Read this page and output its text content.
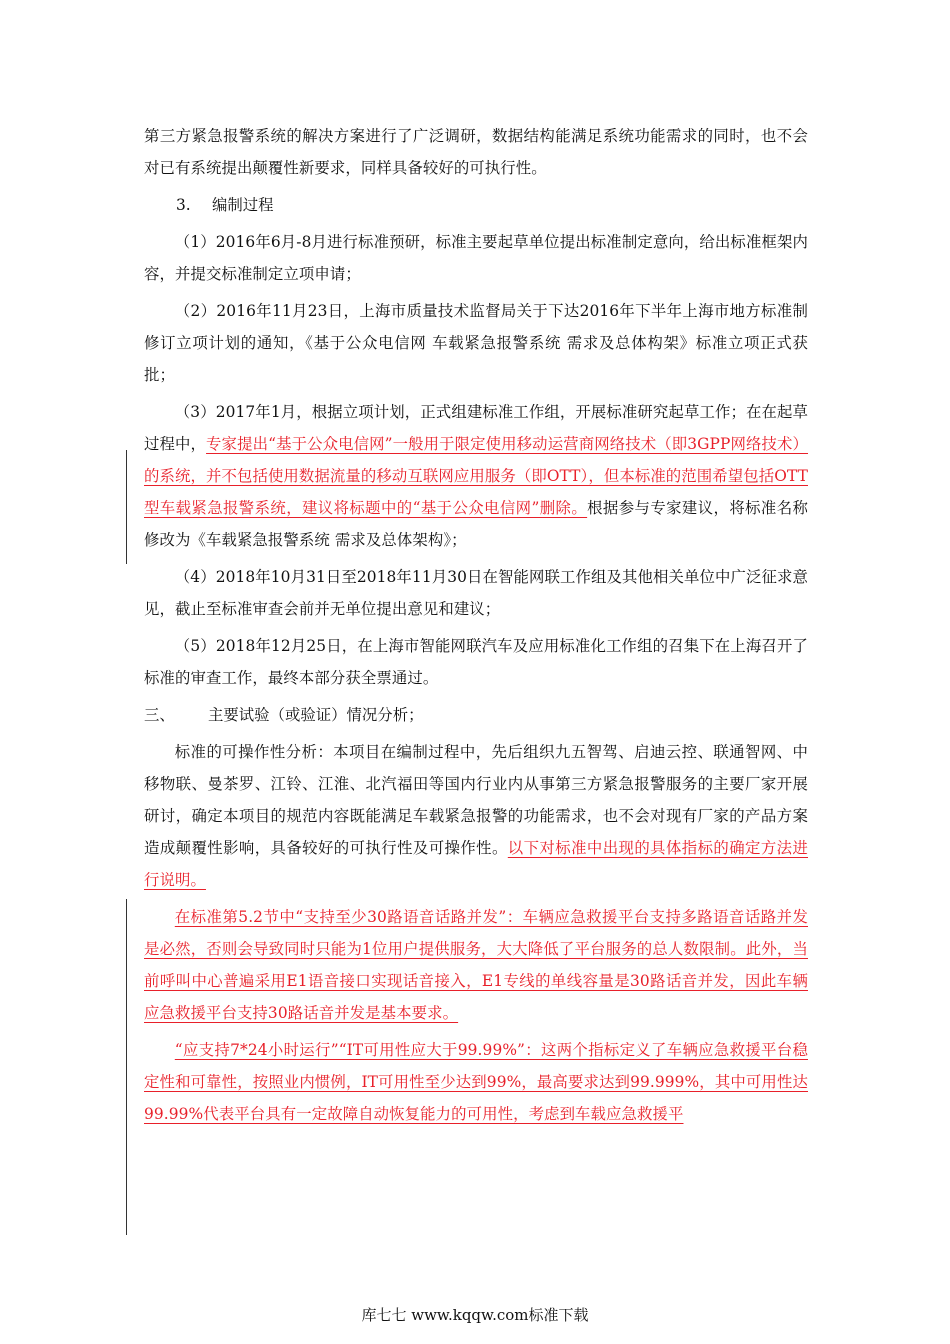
第三方紧急报警系统的解决方案进行了广泛调研，数据结构能满足系统功能需求的同时，也不会对已有系统提出颠覆性新要求，同样具备较好的可执行性。

3. 编制过程

（1）2016年6月-8月进行标准预研，标准主要起草单位提出标准制定意向，给出标准框架内容，并提交标准制定立项申请；

（2）2016年11月23日，上海市质量技术监督局关于下达2016年下半年上海市地方标准制修订立项计划的通知，《基于公众电信网 车载紧急报警系统 需求及总体构架》标准立项正式获批；

（3）2017年1月，根据立项计划，正式组建标准工作组，开展标准研究起草工作；在在起草过程中，专家提出“基于公众电信网”一般用于限定使用移动运营商网络技术（即3GPP网络技术）的系统，并不包括使用数据流量的移动互联网应用服务（即OTT），但本标准的范围希望包括OTT型车载紧急报警系统，建议将标题中的“基于公众电信网”删除。根据参与专家建议，将标准名称修改为《车载紧急报警系统 需求及总体架构》；

（4）2018年10月31日至2018年11月30日在智能网联工作组及其他相关单位中广泛征求意见，截止至标准审查会前并无单位提出意见和建议；

（5）2018年12月25日，在上海市智能网联汽车及应用标准化工作组的召集下在上海召开了标准的审查工作，最终本部分获全票通过。

三、 主要试验（或验证）情况分析；

标准的可操作性分析：本项目在编制过程中，先后组织九五智驾、启迪云控、联通智网、中移物联、曼茶罗、江铃、江淮、北汽福田等国内行业内从事第三方紧急报警服务的主要厂家开展研讨，确定本项目的规范内容既能满足车载紧急报警的功能需求，也不会对现有厂家的产品方案造成颠覆性影响，具备较好的可执行性及可操作性。以下对标准中出现的具体指标的确定方法进行说明。

在标准第5.2节中“支持至少30路语音话路并发”：车辆应急救援平台支持多路语音话路并发是必然，否则会导致同时只能为1位用户提供服务，大大降低了平台服务的总人数限制。此外，当前呼叫中心普遍采用E1语音接口实现话音接入，E1专线的单线容量是30路话音并发，因此车辆应急救援平台支持30路话音并发是基本要求。

“应支持7*24小时运行”“IT可用性应大于99.99%”：这两个指标定义了车辆应急救援平台稳定性和可靠性，按照业内惯例，IT可用性至少达到99%，最高要求达到99.999%，其中可用性达 99.99%代表平台具有一定故障自动恢复能力的可用性，考虑到车载应急救援平

库七七 www.kqqw.com标准下载
